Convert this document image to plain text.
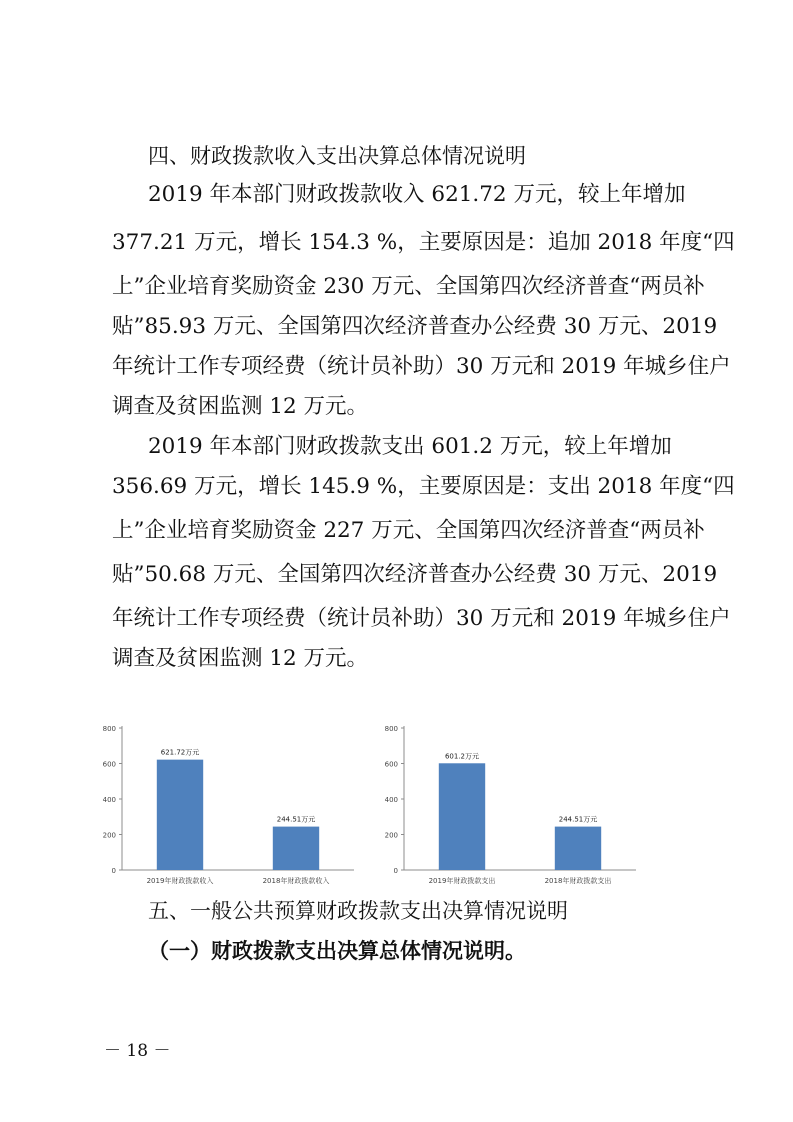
四、财政拨款收入支出决算总体情况说明
2019 年本部门财政拨款收入 621.72 万元，较上年增加
377.21 万元，增长 154.3 %，主要原因是：追加 2018 年度“四
上”企业培育奖励资金 230 万元、全国第四次经济普查“两员补
贴”85.93 万元、全国第四次经济普查办公经费 30 万元、2019
年统计工作专项经费（统计员补助）30 万元和 2019 年城乡住户
调查及贫困监测 12 万元。
2019 年本部门财政拨款支出 601.2 万元，较上年增加
356.69 万元，增长 145.9 %，主要原因是：支出 2018 年度“四
上”企业培育奖励资金 227 万元、全国第四次经济普查“两员补
贴”50.68 万元、全国第四次经济普查办公经费 30 万元、2019
年统计工作专项经费（统计员补助）30 万元和 2019 年城乡住户
调查及贫困监测 12 万元。
0
200
400
600
800
621.72万元
2019年财政拨款收入
244.51万元
2018年财政拨款收入
0
200
400
600
800
601.2万元
2019年财政拨款支出
244.51万元
2018年财政拨款支出
五、一般公共预算财政拨款支出决算情况说明
（一）财政拨款支出决算总体情况说明。
－ 18 －
